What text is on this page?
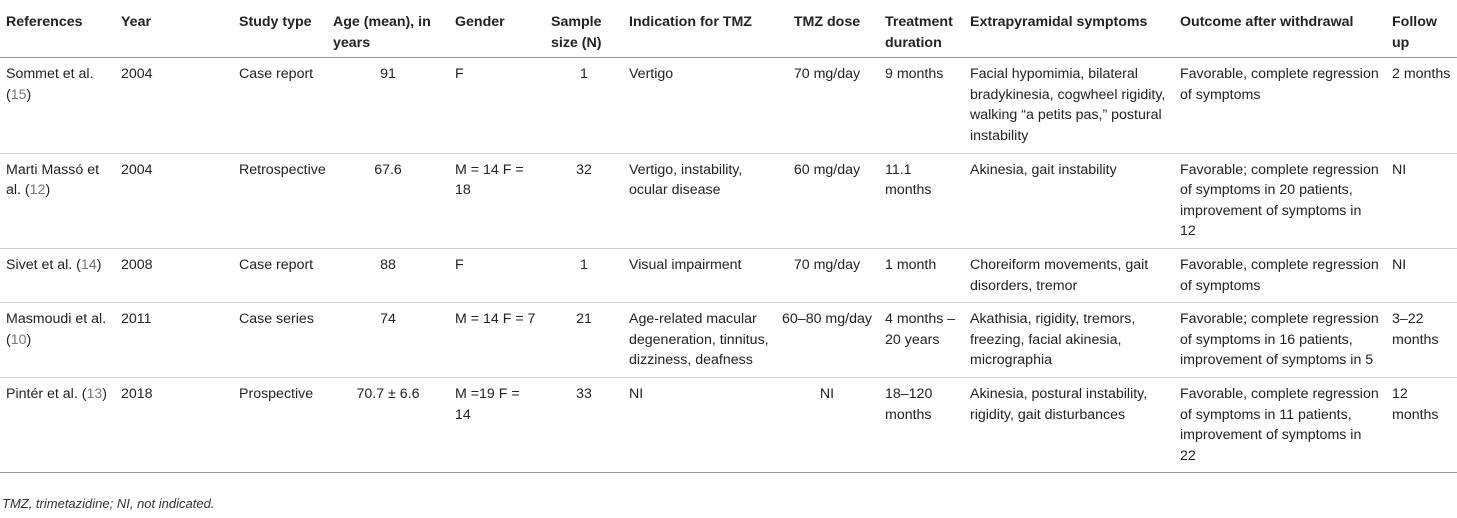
References	Year	Study type	Age (mean), in years	Gender	Sample size (N)	Indication for TMZ	TMZ dose	Treatment duration	Extrapyramidal symptoms	Outcome after withdrawal	Follow up
Sommet et al. (15)	2004	Case report	91	F	1	Vertigo	70 mg/day	9 months	Facial hypomimia, bilateral bradykinesia, cogwheel rigidity, walking “a petits pas,” postural instability	Favorable, complete regression of symptoms	2 months
Marti Massó et al. (12)	2004	Retrospective	67.6	M = 14 F = 18	32	Vertigo, instability, ocular disease	60 mg/day	11.1 months	Akinesia, gait instability	Favorable; complete regression of symptoms in 20 patients, improvement of symptoms in 12	NI
Sivet et al. (14)	2008	Case report	88	F	1	Visual impairment	70 mg/day	1 month	Choreiform movements, gait disorders, tremor	Favorable, complete regression of symptoms	NI
Masmoudi et al. (10)	2011	Case series	74	M = 14 F = 7	21	Age-related macular degeneration, tinnitus, dizziness, deafness	60–80 mg/day	4 months –20 years	Akathisia, rigidity, tremors, freezing, facial akinesia, micrographia	Favorable; complete regression of symptoms in 16 patients, improvement of symptoms in 5	3–22 months
Pintér et al. (13)	2018	Prospective	70.7 ± 6.6	M =19 F = 14	33	NI	NI	18–120 months	Akinesia, postural instability, rigidity, gait disturbances	Favorable, complete regression of symptoms in 11 patients, improvement of symptoms in 22	12 months
TMZ, trimetazidine; NI, not indicated.
